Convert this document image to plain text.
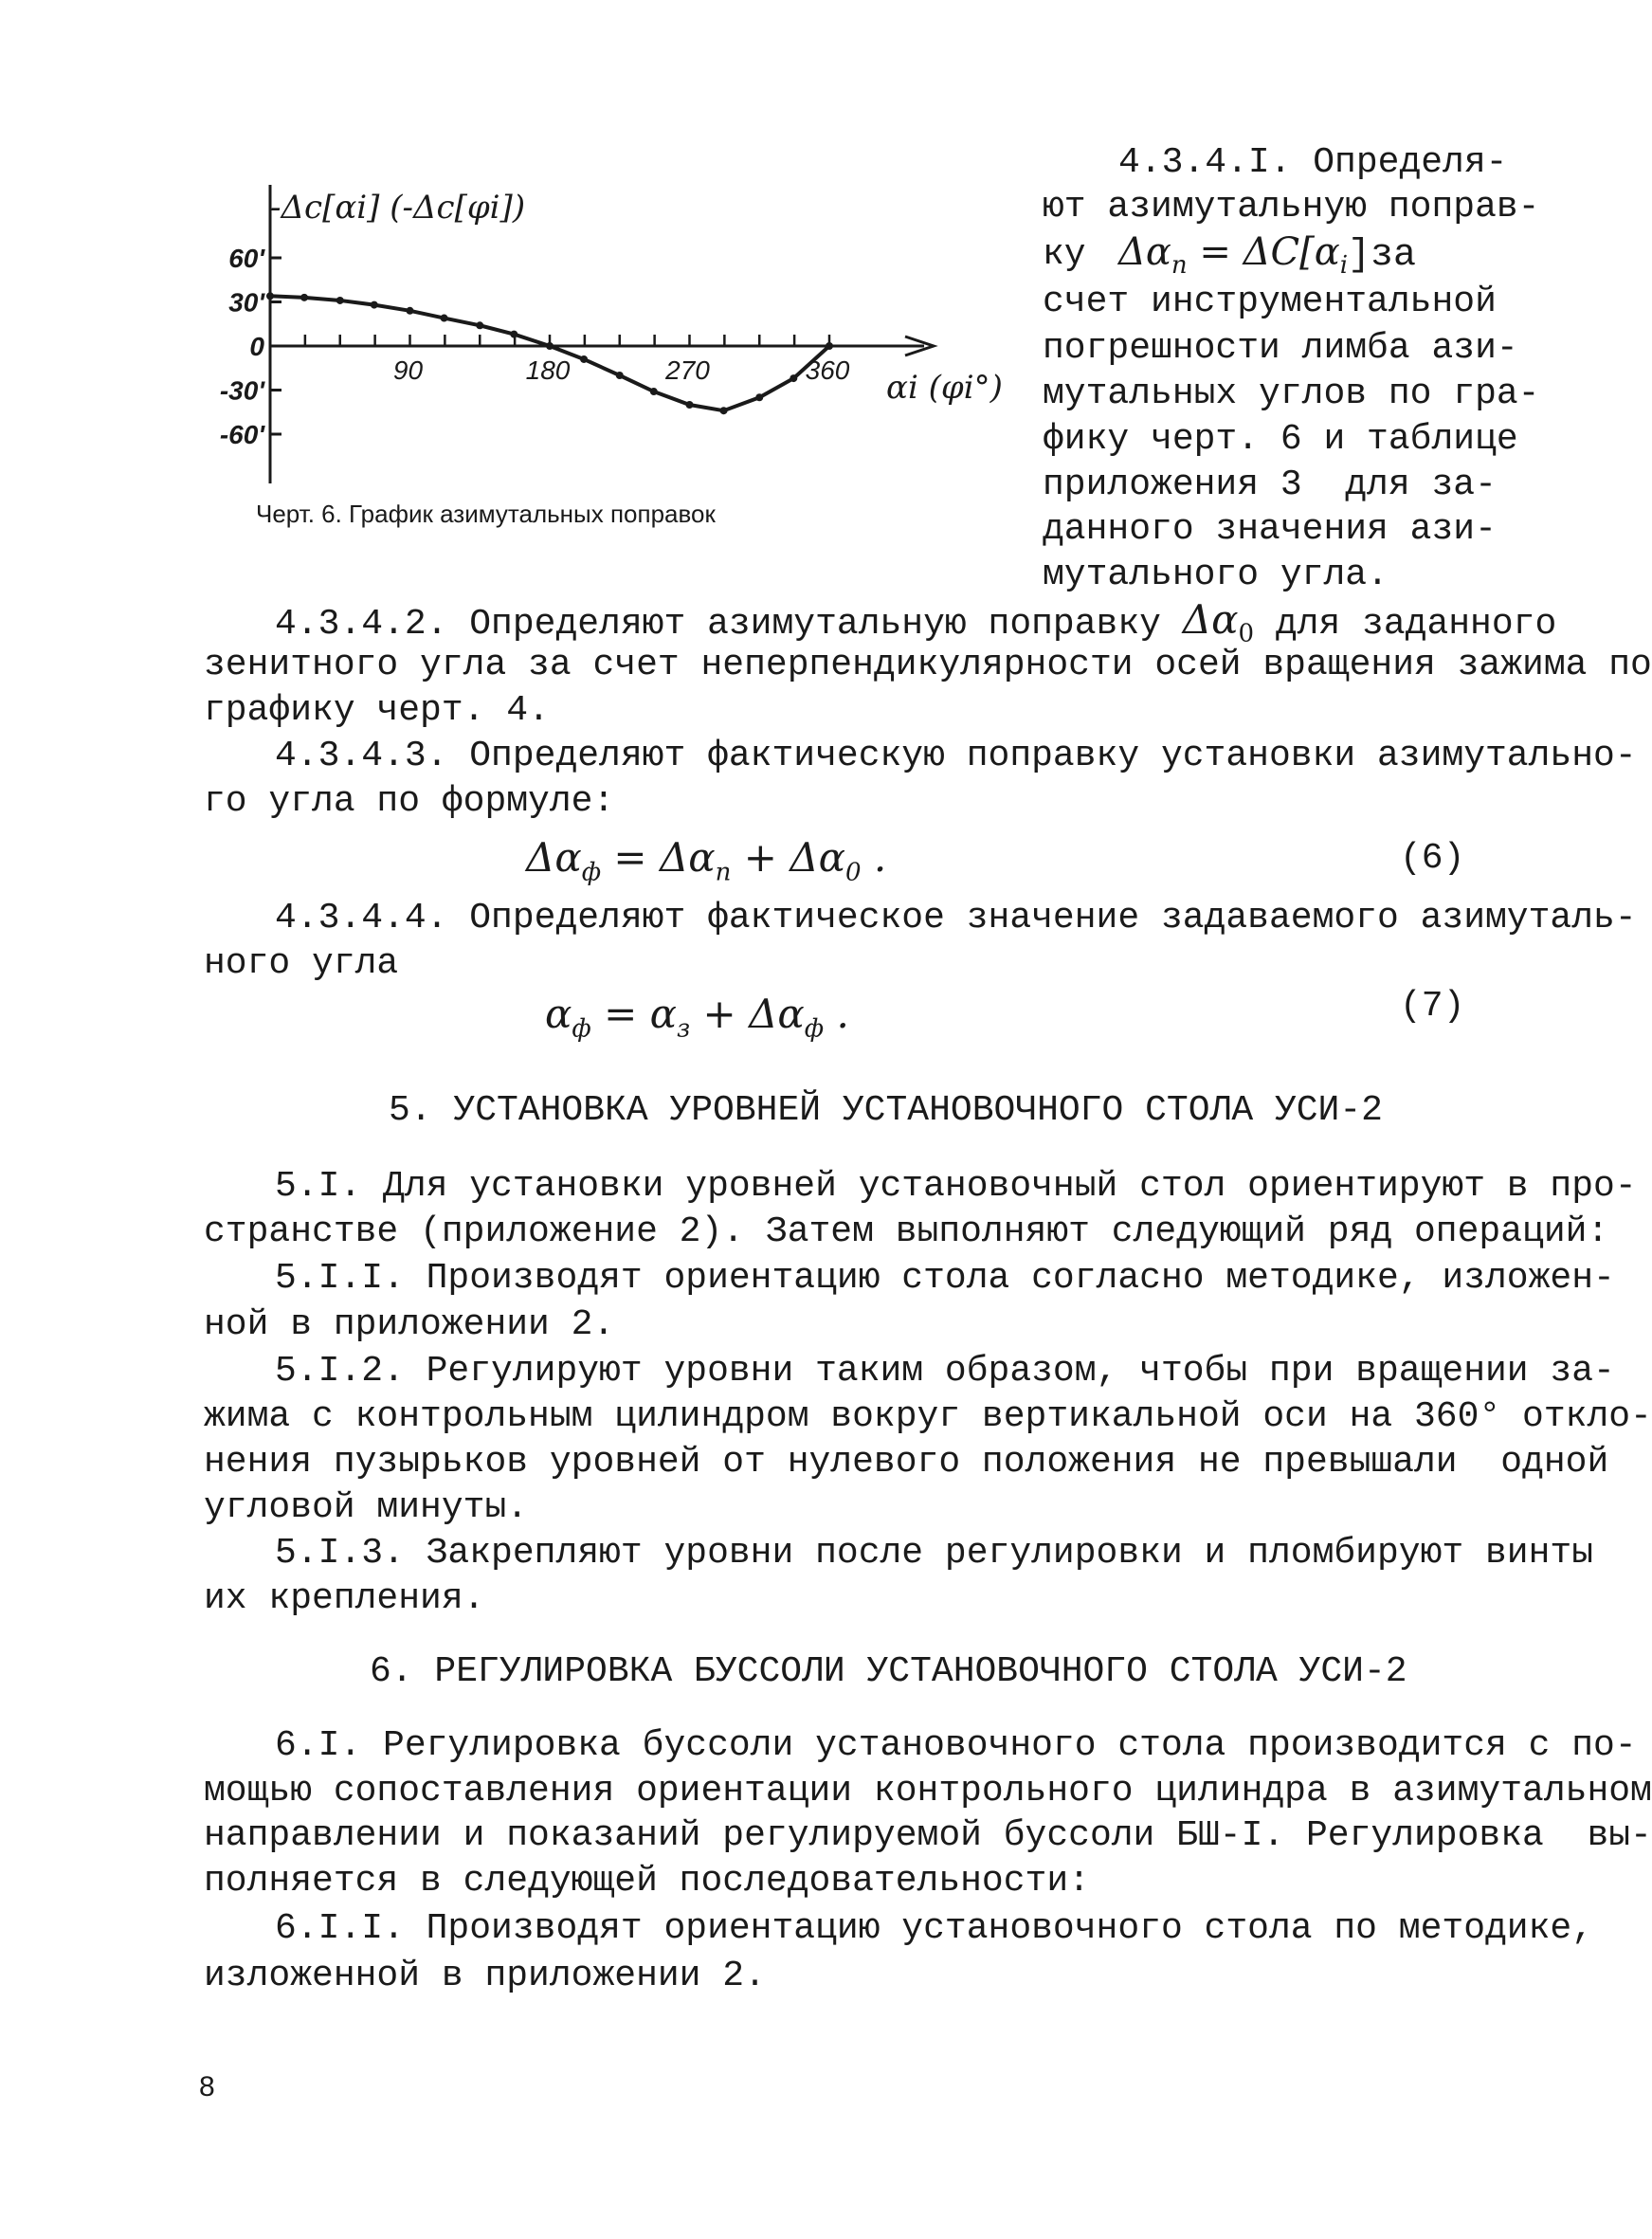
-Δc[αi] (-Δc[φi])
αi (φi°)
60'
30'
0
-30'
-60'
90	180	270	360
Черт. 6. График азимутальных поправок
4.3.4.I. Определя-
ют азимутальную поправ-
ку $\Delta\alpha_п = \Delta C[\alpha_i]за$
счет инструментальной
погрешности лимба ази-
мутальных углов по гра-
фику черт. 6 и таблице
приложения 3  для за-
данного значения ази-
мутального угла.
4.3.4.2. Определяют азимутальную поправку $\Delta\alpha_0$ для заданного
зенитного угла за счет неперпендикулярности осей вращения зажима по
графику черт. 4.
4.3.4.3. Определяют фактическую поправку установки азимутально-
го угла по формуле:
$\Delta\alpha_ф = \Delta\alpha_п + \Delta\alpha_0$ .	(6)
4.3.4.4. Определяют фактическое значение задаваемого азимуталь-
ного угла
$\alpha_ф = \alpha_з + \Delta\alpha_ф$ .	(7)
5. УСТАНОВКА УРОВНЕЙ УСТАНОВОЧНОГО СТОЛА УСИ-2
5.I. Для установки уровней установочный стол ориентируют в про-
странстве (приложение 2). Затем выполняют следующий ряд операций:
5.I.I. Производят ориентацию стола согласно методике, изложен-
ной в приложении 2.
5.I.2. Регулируют уровни таким образом, чтобы при вращении за-
жима с контрольным цилиндром вокруг вертикальной оси на 360° откло-
нения пузырьков уровней от нулевого положения не превышали  одной
угловой минуты.
5.I.3. Закрепляют уровни после регулировки и пломбируют винты
их крепления.
6. РЕГУЛИРОВКА БУССОЛИ УСТАНОВОЧНОГО СТОЛА УСИ-2
6.I. Регулировка буссоли установочного стола производится с по-
мощью сопоставления ориентации контрольного цилиндра в азимутальном
направлении и показаний регулируемой буссоли БШ-I. Регулировка  вы-
полняется в следующей последовательности:
6.I.I. Производят ориентацию установочного стола по методике,
изложенной в приложении 2.
8
